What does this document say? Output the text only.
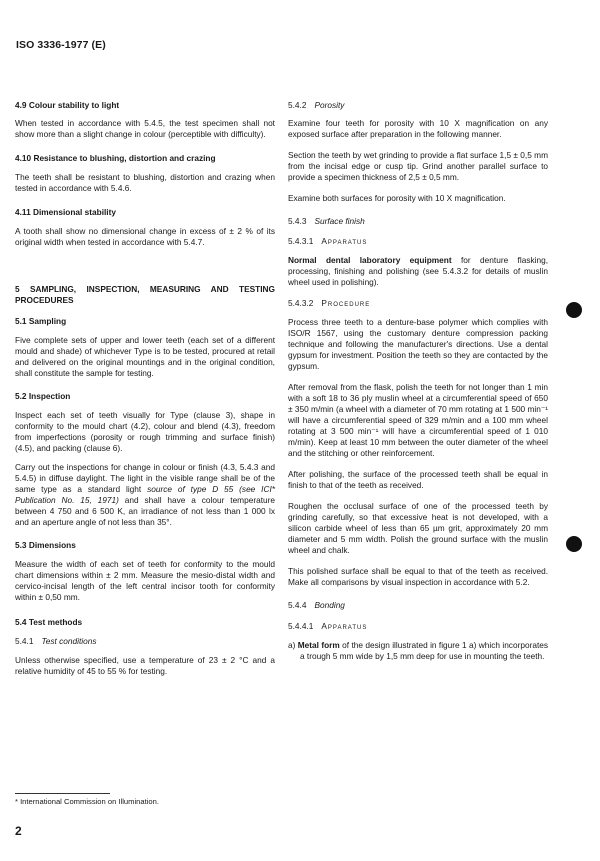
ISO 3336-1977 (E)

4.9 Colour stability to light

When tested in accordance with 5.4.5, the test specimen shall not show more than a slight change in colour (perceptible with difficulty).

4.10 Resistance to blushing, distortion and crazing

The teeth shall be resistant to blushing, distortion and crazing when tested in accordance with 5.4.6.

4.11 Dimensional stability

A tooth shall show no dimensional change in excess of ± 2 % of its original width when tested in accordance with 5.4.7.

5 SAMPLING, INSPECTION, MEASURING AND TESTING PROCEDURES

5.1 Sampling

Five complete sets of upper and lower teeth (each set of a different mould and shade) of whichever Type is to be tested, procured at retail and delivered on the original mountings and in the original condition, shall constitute the sample for testing.

5.2 Inspection

Inspect each set of teeth visually for Type (clause 3), shape in conformity to the mould chart (4.2), colour and blend (4.3), freedom from imperfections (porosity or rough trimming and surface finish) (4.5), and packing (clause 6).

Carry out the inspections for change in colour or finish (4.3, 5.4.3 and 5.4.5) in diffuse daylight. The light in the visible range shall be of the same type as a standard light source of type D 55 (see ICI* Publication No. 15, 1971) and shall have a colour temperature between 4 750 and 6 500 K, an irradiance of not less than 1 000 lx and an aperture angle of not less than 35°.

5.3 Dimensions

Measure the width of each set of teeth for conformity to the mould chart dimensions within ± 2 mm. Measure the mesio-distal width and cervico-incisal length of the left central incisor tooth for conformity within ± 0,50 mm.

5.4 Test methods

5.4.1 Test conditions

Unless otherwise specified, use a temperature of 23 ± 2 °C and a relative humidity of 45 to 55 % for testing.

5.4.2 Porosity

Examine four teeth for porosity with 10 X magnification on any exposed surface after preparation in the following manner.

Section the teeth by wet grinding to provide a flat surface 1,5 ± 0,5 mm from the incisal edge or cusp tip. Grind another parallel surface to provide a specimen thickness of 2,5 ± 0,5 mm.

Examine both surfaces for porosity with 10 X magnification.

5.4.3 Surface finish

5.4.3.1 Apparatus

Normal dental laboratory equipment for denture flasking, processing, finishing and polishing (see 5.4.3.2 for details of muslin wheel used in polishing).

5.4.3.2 Procedure

Process three teeth to a denture-base polymer which complies with ISO/R 1567, using the customary denture compression packing technique and following the manufacturer's directions. Use a dental gypsum for investment. Position the teeth so they are contacted by the gypsum.

After removal from the flask, polish the teeth for not longer than 1 min with a soft 18 to 36 ply muslin wheel at a circumferential speed of 650 ± 350 m/min (a wheel with a diameter of 70 mm rotating at 1 500 min⁻¹ will have a circumferential speed of 329 m/min and a 100 mm wheel rotating at 3 500 min⁻¹ will have a circumferential speed of 1 010 m/min). Keep at least 10 mm between the outer diameter of the wheel and the stitching or other reinforcement.

After polishing, the surface of the processed teeth shall be equal in finish to that of the teeth as received.

Roughen the occlusal surface of one of the processed teeth by grinding carefully, so that excessive heat is not developed, with a silicon carbide wheel of less than 65 µm grit, approximately 20 mm diameter and 5 mm width. Polish the ground surface with the muslin wheel and chalk.

This polished surface shall be equal to that of the teeth as received. Make all comparisons by visual inspection in accordance with 5.2.

5.4.4 Bonding

5.4.4.1 Apparatus

a) Metal form of the design illustrated in figure 1 a) which incorporates a trough 5 mm wide by 1,5 mm deep for use in mounting the teeth.

* International Commission on Illumination.
2
